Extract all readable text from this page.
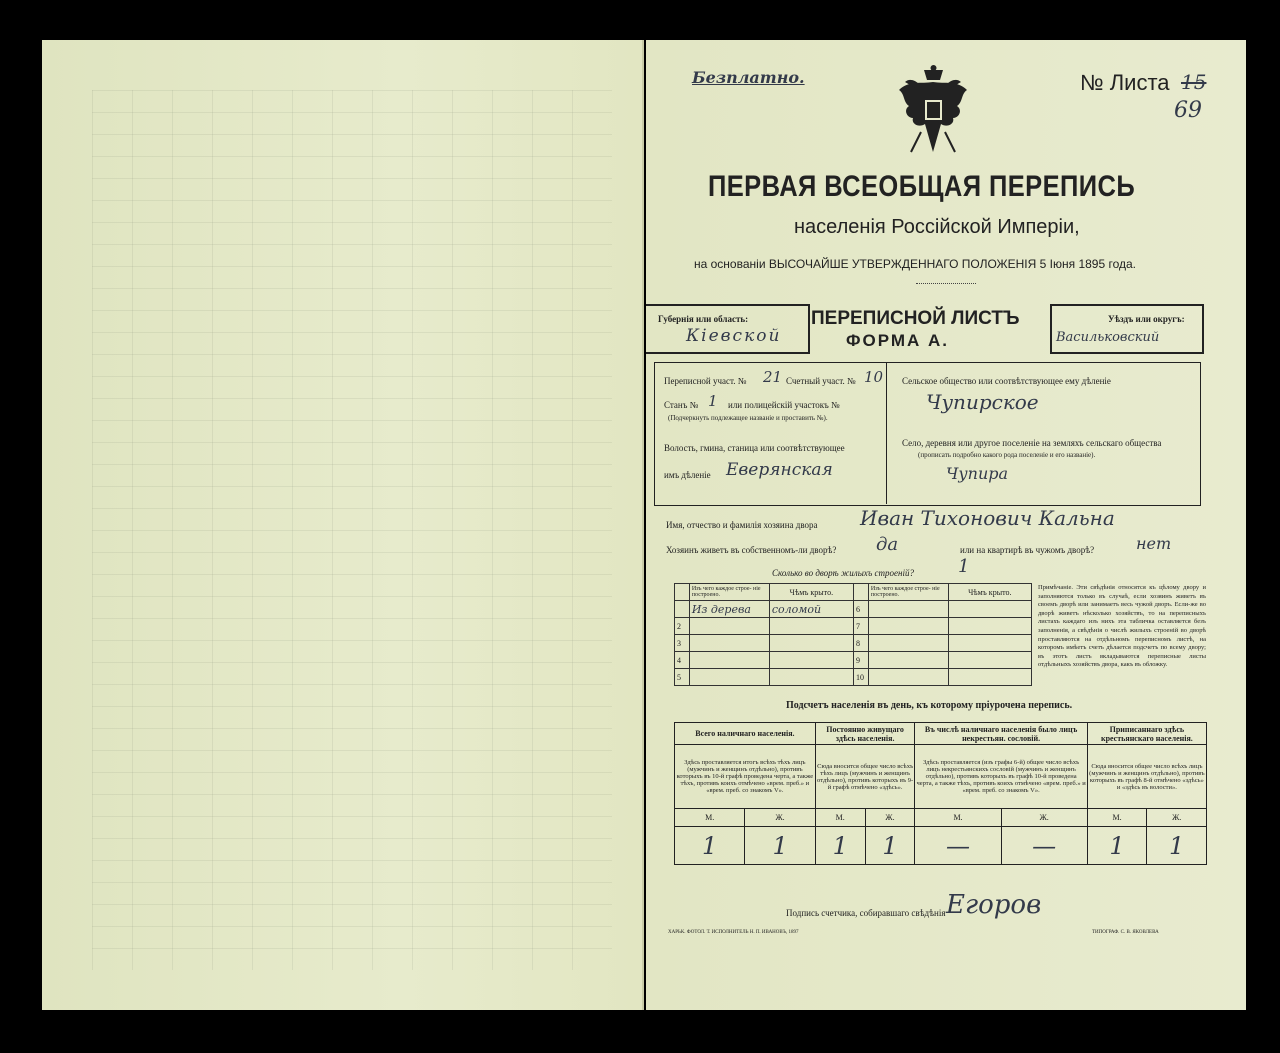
Безплатно.	№ Листа 15
69
ПЕРВАЯ ВСЕОБЩАЯ ПЕРЕПИСЬ
населенія Россійской Имперіи,
на основаніи ВЫСОЧАЙШЕ УТВЕРЖДЕННАГО ПОЛОЖЕНІЯ 5 Іюня 1895 года.
Губернія или область:
Кіевской
ПЕРЕПИСНОЙ ЛИСТЪ
ФОРМА А.
Уѣздъ или округъ:
Васильковский
Переписной участ. № 21 Счетный участ. № 10
Станъ № 1 или полицейскій участокъ №
(Подчеркнуть подлежащее названіе и проставить №).
Волость, гмина, станица или соотвѣтствующее
имъ дѣленіе Еверянская
Сельское общество или соотвѣтствующее ему дѣленіе
Чупирское
Село, деревня или другое поселеніе на земляхъ сельскаго общества
(прописать подробно какого рода поселеніе и его названіе).
Чупира
Имя, отчество и фамилія хозяина двора Иван Тихонович Кальна
Хозяинъ живетъ въ собственномъ-ли дворѣ? да	или на квартирѣ въ чужомъ дворѣ?	нет
Сколько во дворѣ жилыхъ строеній? 1
	Изъ чего каждое строе- ніе построено.	Чѣмъ крыто.		Изъ чего каждое строе- ніе построено.	Чѣмъ крыто.
	Из дерева	соломой	6		
2			7		
3			8		
4			9		
5			10		
Примѣчаніе. Эти свѣдѣнія относятся къ цѣлому двору и заполняются только въ случаѣ, если хозяинъ живетъ въ своемъ дворѣ или занимаетъ весь чужой дворъ. Если-же во дворѣ живетъ нѣсколько хозяйствъ, то на переписныхъ листахъ каждаго изъ нихъ эта табличка оставляется безъ заполненія, а свѣдѣнія о числѣ жилыхъ строеній во дворѣ проставляются на отдѣльномъ переписномъ листѣ, на которомъ имѣетъ счетъ дѣлается подсчетъ по всему двору; въ этотъ листъ вкладываются переписные листы отдѣльныхъ хозяйствъ двора, какъ въ обложку.
Подсчетъ населенія въ день, къ которому пріурочена перепись.
Всего наличнаго населенія.		Постоянно живущаго здѣсь населенія.		Въ числѣ наличнаго населенія было лицъ некрестьян. сословій.		Приписаннаго здѣсь крестьянскаго населенія.	
Здѣсь проставляется итогъ всѣхъ тѣхъ лицъ (мужчинъ и женщинъ отдѣльно), противъ которыхъ въ 10-й графѣ проведена черта, а также тѣхъ, противъ коихъ отмѣчено «врем. преб.» и «врем. преб. со знакомъ V».		Сюда вносится общее число всѣхъ тѣхъ лицъ (мужчинъ и женщинъ отдѣльно), противъ которыхъ въ 9-й графѣ отмѣчено «здѣсь».		Здѣсь проставляется (изъ графы 6-й) общее число всѣхъ лицъ некрестьянскихъ сословій (мужчинъ и женщинъ отдѣльно), противъ которыхъ въ графѣ 10-й проведена черта, а также тѣхъ, противъ коихъ отмѣчено «врем. преб.» и «врем. преб. со знакомъ V».		Сюда вносится общее число всѣхъ лицъ (мужчинъ и женщинъ отдѣльно), противъ которыхъ въ графѣ 8-й отмѣчено «здѣсь» и «здѣсь въ волости».	
М.	Ж.	М.	Ж.	М.	Ж.	М.	Ж.
1	1	1	1	—	—	1	1
Подпись счетчика, собиравшаго свѣдѣнія Егоров
ХАРЬК. ФОТОЛ. Т. ИСПОЛНИТЕЛЬ Н. П. ИВАНОВЪ, 1897	ТИПОГРАФ. С. В. ЯКОВЛЕВА
